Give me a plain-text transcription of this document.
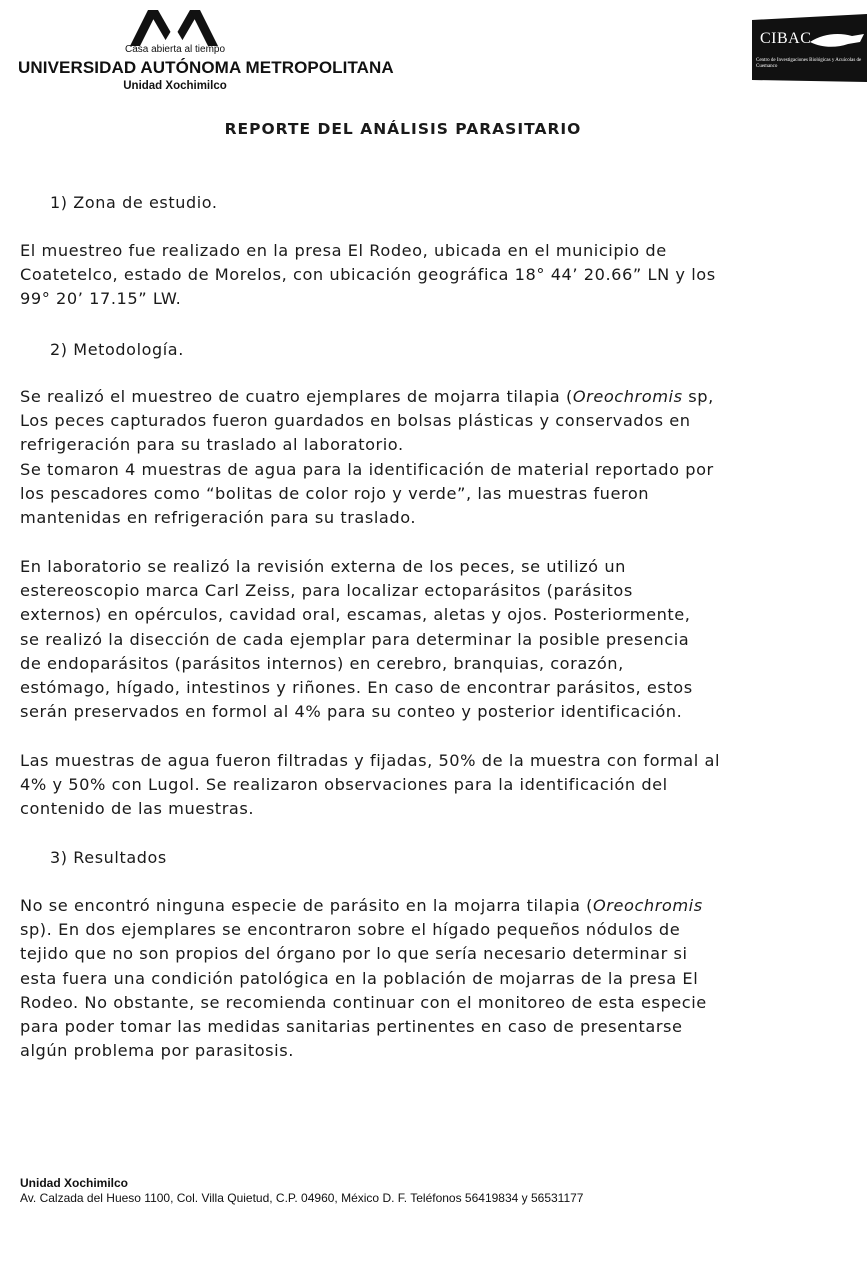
Casa abierta al tiempo
UNIVERSIDAD AUTÓNOMA METROPOLITANA
Unidad Xochimilco
CIBAC
Centro de Investigaciones Biológicas y Acuícolas de Cuemanco
REPORTE DEL ANÁLISIS PARASITARIO
1) Zona de estudio.

El muestreo fue realizado en la presa El Rodeo, ubicada en el municipio de
Coatetelco, estado de Morelos, con ubicación geográfica 18° 44’ 20.66” LN y los
99° 20’ 17.15” LW.

2) Metodología.

Se realizó el muestreo de cuatro ejemplares de mojarra tilapia (Oreochromis sp,
Los peces capturados fueron guardados en bolsas plásticas y conservados en
refrigeración para su traslado al laboratorio.
Se tomaron 4 muestras de agua para la identificación de material reportado por
los pescadores como “bolitas de color rojo y verde”, las muestras fueron
mantenidas en refrigeración para su traslado.

En laboratorio se realizó la revisión externa de los peces, se utilizó un
estereoscopio marca Carl Zeiss, para localizar ectoparásitos (parásitos
externos) en opérculos, cavidad oral, escamas, aletas y ojos. Posteriormente,
se realizó la disección de cada ejemplar para determinar la posible presencia
de endoparásitos (parásitos internos) en cerebro, branquias, corazón,
estómago, hígado, intestinos y riñones. En caso de encontrar parásitos, estos
serán preservados en formol al 4% para su conteo y posterior identificación.

Las muestras de agua fueron filtradas y fijadas, 50% de la muestra con formal al
4% y 50% con Lugol. Se realizaron observaciones para la identificación del
contenido de las muestras.

3) Resultados

No se encontró ninguna especie de parásito en la mojarra tilapia (Oreochromis
sp). En dos ejemplares se encontraron sobre el hígado pequeños nódulos de
tejido que no son propios del órgano por lo que sería necesario determinar si
esta fuera una condición patológica en la población de mojarras de la presa El
Rodeo. No obstante, se recomienda continuar con el monitoreo de esta especie
para poder tomar las medidas sanitarias pertinentes en caso de presentarse
algún problema por parasitosis.

Unidad Xochimilco
Av. Calzada del Hueso 1100, Col. Villa Quietud, C.P. 04960, México D. F. Teléfonos 56419834 y 56531177
